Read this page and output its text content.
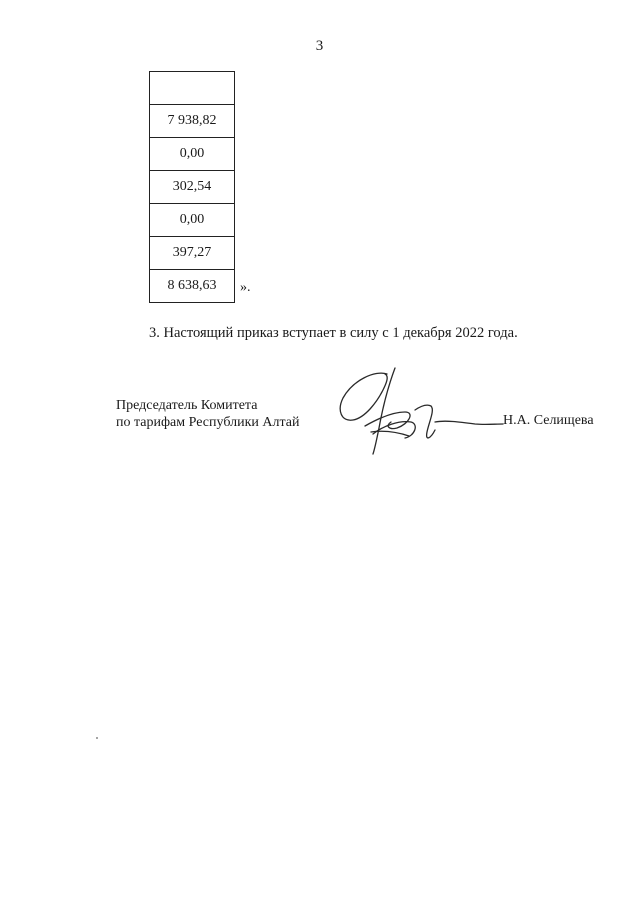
3

7 938,82
0,00
302,54
0,00
397,27
8 638,63 ».
3. Настоящий приказ вступает в силу с 1 декабря 2022 года.
Председатель Комитета
по тарифам Республики Алтай	Н.А. Селищева
